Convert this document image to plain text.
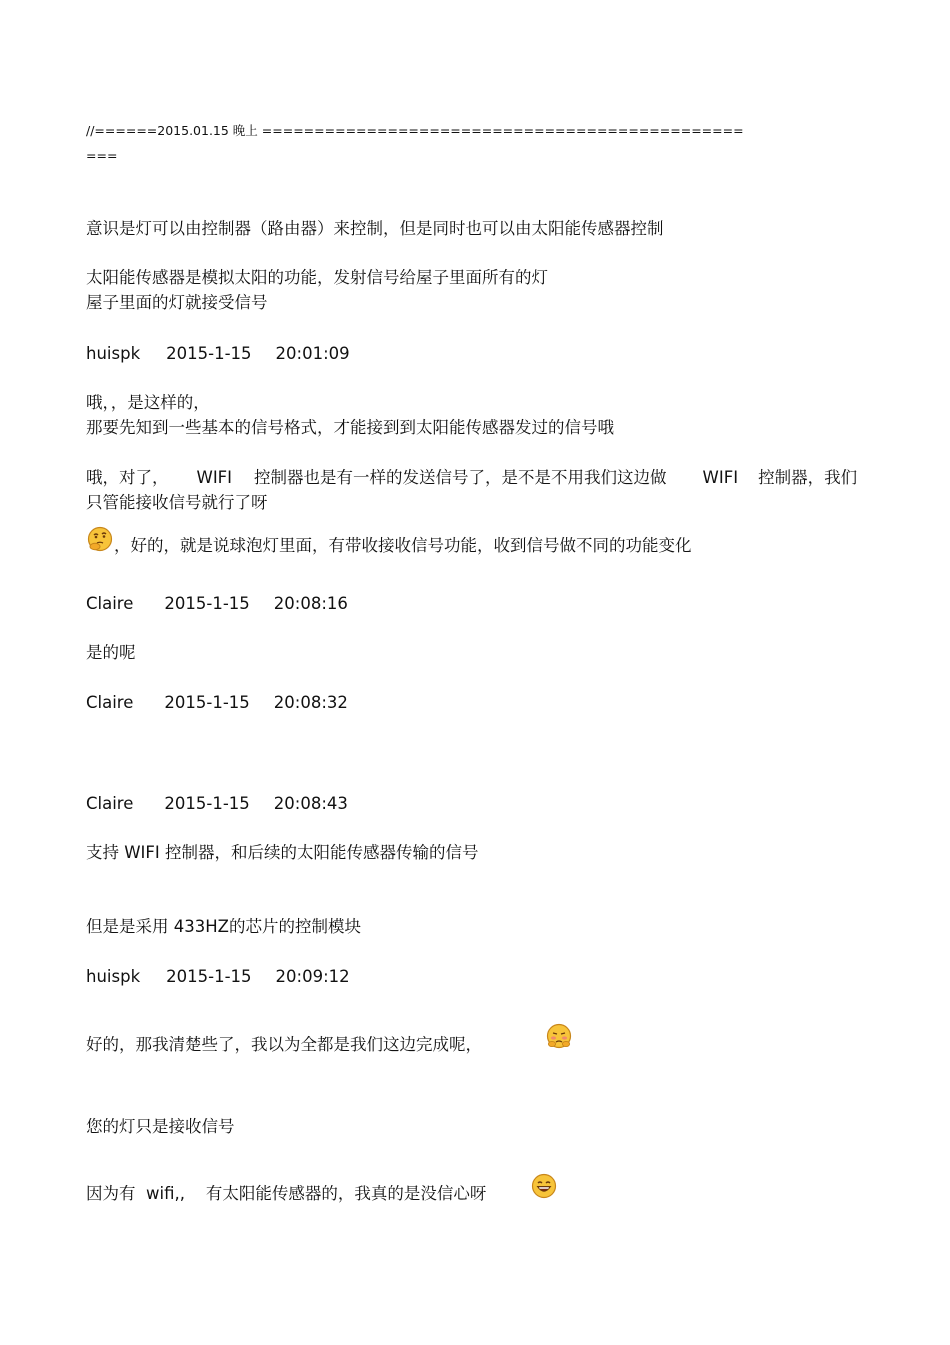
//======2015.01.15 晚上 ==============================================
===
意识是灯可以由控制器（路由器）来控制，但是同时也可以由太阳能传感器控制
太阳能传感器是模拟太阳的功能，发射信号给屋子里面所有的灯
屋子里面的灯就接受信号
huispk 2015-1-15 20:01:09
哦，，是这样的，
那要先知到一些基本的信号格式，才能接到到太阳能传感器发过的信号哦
哦，对了， WIFI 控制器也是有一样的发送信号了，是不是不用我们这边做 WIFI 控制器，我们
只管能接收信号就行了呀
，好的，就是说球泡灯里面，有带收接收信号功能，收到信号做不同的功能变化
Claire 2015-1-15 20:08:16
是的呢
Claire 2015-1-15 20:08:32
Claire 2015-1-15 20:08:43
支持 WIFI 控制器，和后续的太阳能传感器传输的信号
但是是采用 433HZ的芯片的控制模块
huispk 2015-1-15 20:09:12
好的，那我清楚些了，我以为全都是我们这边完成呢，
您的灯只是接收信号
因为有  wifi,,    有太阳能传感器的，我真的是没信心呀
